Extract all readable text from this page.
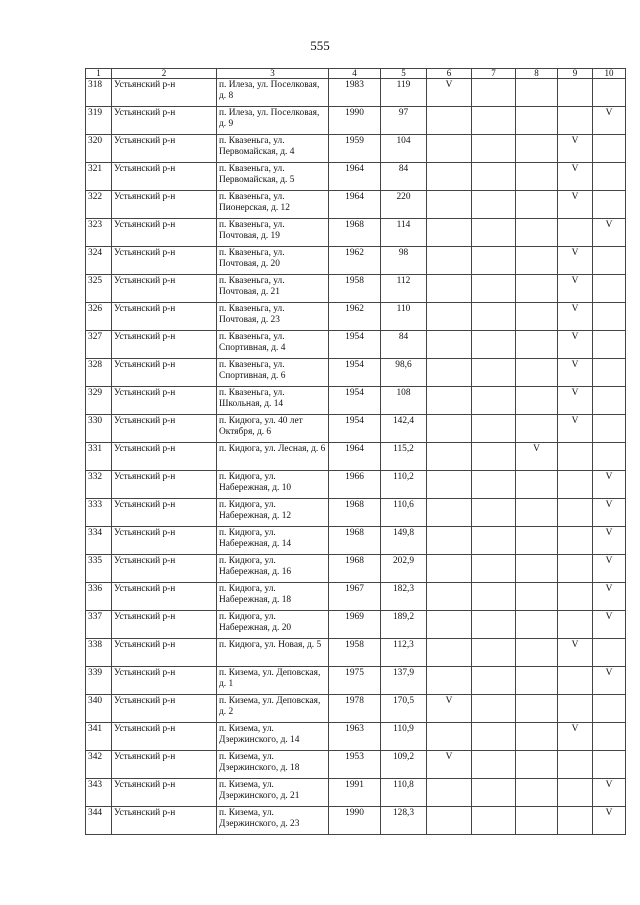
555
1	2	3	4	5	6	7	8	9	10
318	Устьянский р-н	п. Илеза, ул. Поселковая, д. 8	1983	119	V				
319	Устьянский р-н	п. Илеза, ул. Поселковая, д. 9	1990	97					V
320	Устьянский р-н	п. Квазеньга, ул. Первомайская, д. 4	1959	104				V	
321	Устьянский р-н	п. Квазеньга, ул. Первомайская, д. 5	1964	84				V	
322	Устьянский р-н	п. Квазеньга, ул. Пионерская, д. 12	1964	220				V	
323	Устьянский р-н	п. Квазеньга, ул. Почтовая, д. 19	1968	114					V
324	Устьянский р-н	п. Квазеньга, ул. Почтовая, д. 20	1962	98				V	
325	Устьянский р-н	п. Квазеньга, ул. Почтовая, д. 21	1958	112				V	
326	Устьянский р-н	п. Квазеньга, ул. Почтовая, д. 23	1962	110				V	
327	Устьянский р-н	п. Квазеньга, ул. Спортивная, д. 4	1954	84				V	
328	Устьянский р-н	п. Квазеньга, ул. Спортивная, д. 6	1954	98,6				V	
329	Устьянский р-н	п. Квазеньга, ул. Школьная, д. 14	1954	108				V	
330	Устьянский р-н	п. Кидюга, ул. 40 лет Октября, д. 6	1954	142,4				V	
331	Устьянский р-н	п. Кидюга, ул. Лесная, д. 6	1964	115,2			V		
332	Устьянский р-н	п. Кидюга, ул. Набережная, д. 10	1966	110,2					V
333	Устьянский р-н	п. Кидюга, ул. Набережная, д. 12	1968	110,6					V
334	Устьянский р-н	п. Кидюга, ул. Набережная, д. 14	1968	149,8					V
335	Устьянский р-н	п. Кидюга, ул. Набережная, д. 16	1968	202,9					V
336	Устьянский р-н	п. Кидюга, ул. Набережная, д. 18	1967	182,3					V
337	Устьянский р-н	п. Кидюга, ул. Набережная, д. 20	1969	189,2					V
338	Устьянский р-н	п. Кидюга, ул. Новая, д. 5	1958	112,3				V	
339	Устьянский р-н	п. Кизема, ул. Деповская, д. 1	1975	137,9					V
340	Устьянский р-н	п. Кизема, ул. Деповская, д. 2	1978	170,5	V				
341	Устьянский р-н	п. Кизема, ул. Дзержинского, д. 14	1963	110,9				V	
342	Устьянский р-н	п. Кизема, ул. Дзержинского, д. 18	1953	109,2	V				
343	Устьянский р-н	п. Кизема, ул. Дзержинского, д. 21	1991	110,8					V
344	Устьянский р-н	п. Кизема, ул. Дзержинского, д. 23	1990	128,3					V
